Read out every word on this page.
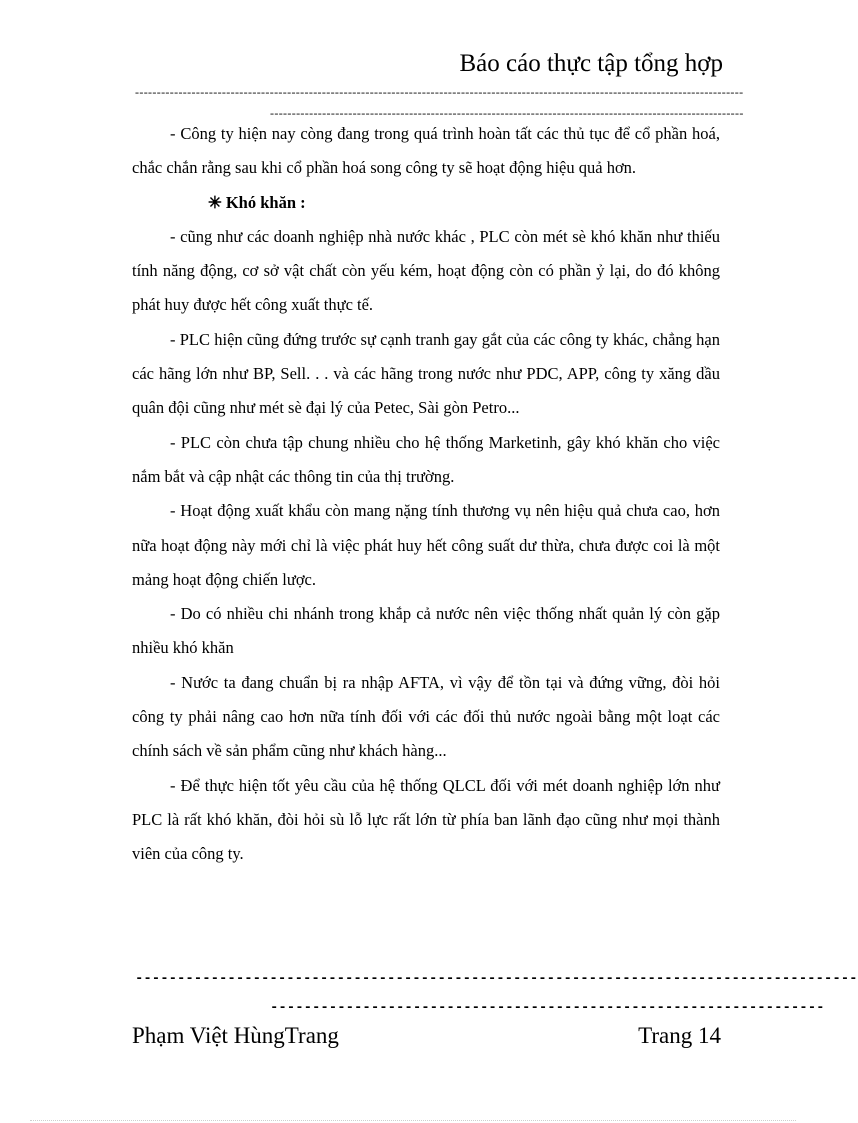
Báo cáo thực tập tổng hợp
--------------------------------------------------------------------------------------------------------------------------------------------
-------------------------------------------------------------------------------------------------------------

- Công ty hiện nay còng đang trong quá trình hoàn tất các thủ tục để cổ phần hoá, chắc chắn rằng sau khi cổ phần hoá song công ty sẽ hoạt động hiệu quả hơn.

✳ Khó khăn :

- cũng như các doanh nghiệp nhà nước khác , PLC còn mét sè khó khăn như thiếu tính năng động, cơ sở vật chất còn yếu kém, hoạt động còn có phần ỷ lại, do đó không phát huy được hết công xuất thực tế.

- PLC hiện cũng đứng trước sự cạnh tranh gay gắt của các công ty khác, chẳng hạn các hãng lớn như BP, Sell. . . và các hãng trong nước như PDC, APP, công ty xăng dầu quân đội cũng như mét sè đại lý của Petec, Sài gòn Petro...

- PLC còn chưa tập chung nhiều cho hệ thống Marketinh, gây khó khăn cho việc nắm bắt và cập nhật các thông tin của thị trường.

- Hoạt động xuất khẩu còn mang nặng tính thương vụ nên hiệu quả chưa cao, hơn nữa hoạt động này mới chỉ là việc phát huy hết công suất dư thừa, chưa được coi là một mảng hoạt động chiến lược.

- Do có nhiều chi nhánh trong khắp cả nước nên việc thống nhất quản lý còn gặp nhiều khó khăn

- Nước ta đang chuẩn bị ra nhập AFTA, vì vậy để tồn tại và đứng vững, đòi hỏi công ty phải nâng cao hơn nữa tính đối với các đối thủ nước ngoài bằng một loạt các chính sách về sản phẩm cũng như khách hàng...

- Để thực hiện tốt yêu cầu của hệ thống QLCL đối với mét doanh nghiệp lớn như PLC là rất khó khăn, đòi hỏi sù lỗ lực rất lớn từ phía ban lãnh đạo cũng như mọi thành viên của công ty.

--------------------------------------------------------------------------------------
------------------------------------------------------------------
Phạm Việt HùngTrang	Trang 14
